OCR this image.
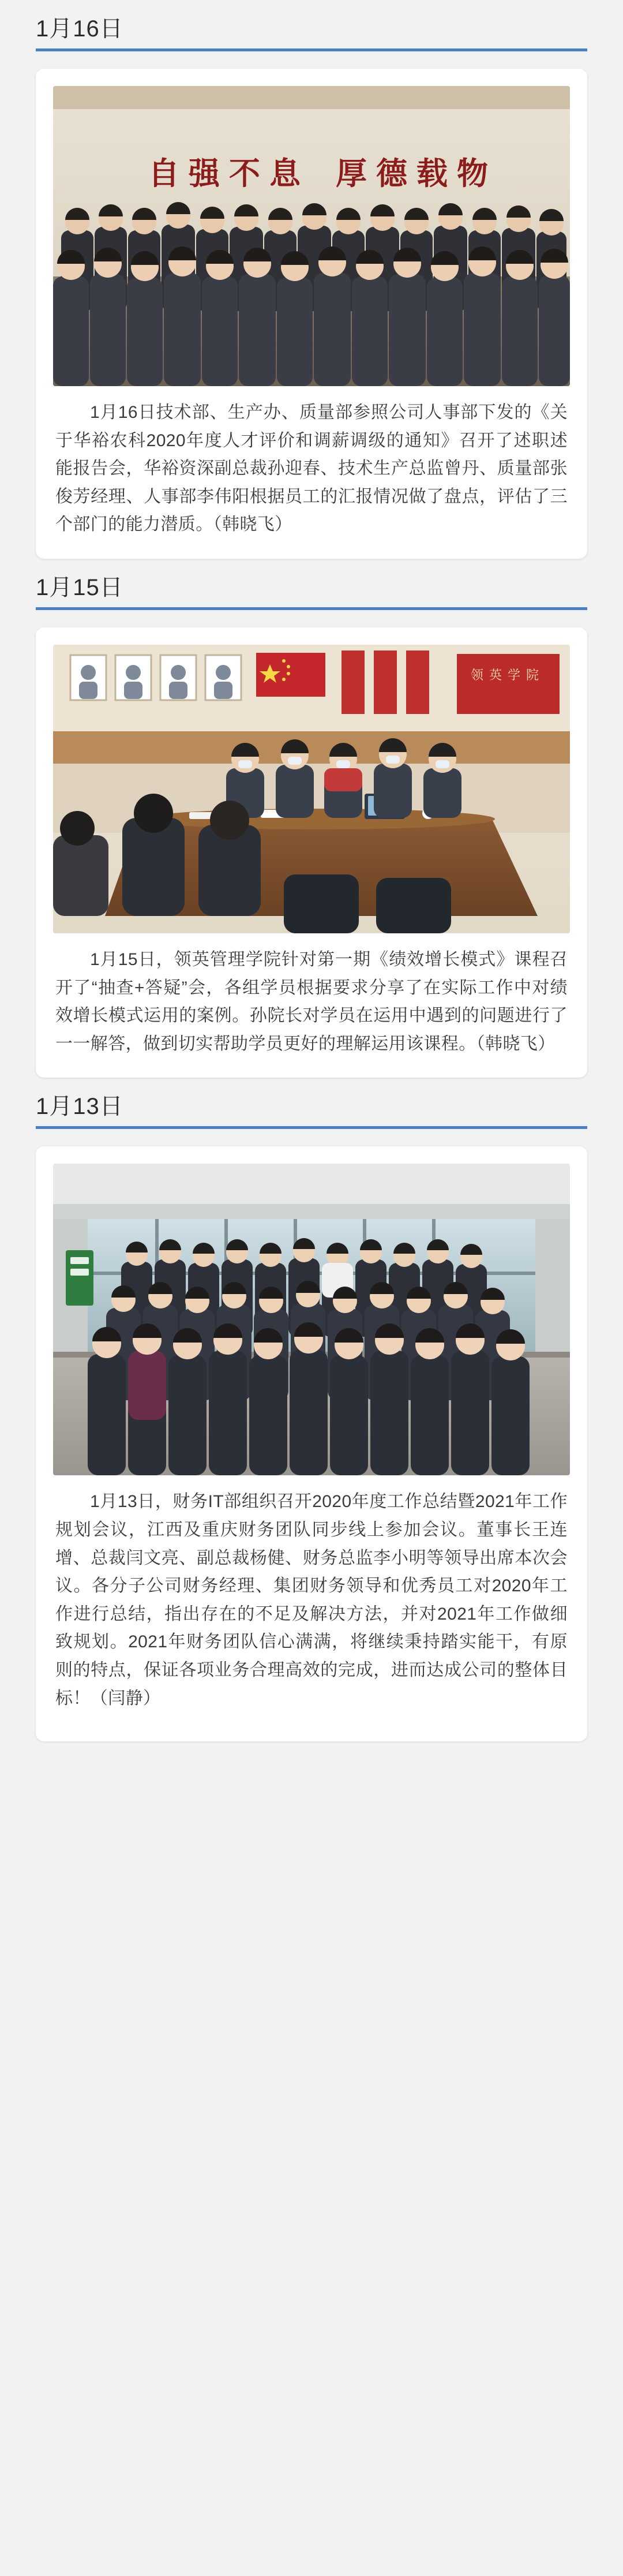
1月16日
自 强 不 息 厚 德 载 物

1月16日技术部、生产办、质量部参照公司人事部下发的《关于华裕农科2020年度人才评价和调薪调级的通知》召开了述职述能报告会，华裕资深副总裁孙迎春、技术生产总监曾丹、质量部张俊芳经理、人事部李伟阳根据员工的汇报情况做了盘点，评估了三个部门的能力潜质。（韩晓飞）

1月15日
领 英 学 院

1月15日，领英管理学院针对第一期《绩效增长模式》课程召开了“抽查+答疑”会，各组学员根据要求分享了在实际工作中对绩效增长模式运用的案例。孙院长对学员在运用中遇到的问题进行了一一解答，做到切实帮助学员更好的理解运用该课程。（韩晓飞）

1月13日

1月13日，财务IT部组织召开2020年度工作总结暨2021年工作规划会议，江西及重庆财务团队同步线上参加会议。董事长王连增、总裁闫文亮、副总裁杨健、财务总监李小明等领导出席本次会议。各分子公司财务经理、集团财务领导和优秀员工对2020年工作进行总结，指出存在的不足及解决方法，并对2021年工作做细致规划。2021年财务团队信心满满，将继续秉持踏实能干，有原则的特点，保证各项业务合理高效的完成，进而达成公司的整体目标！（闫静）
